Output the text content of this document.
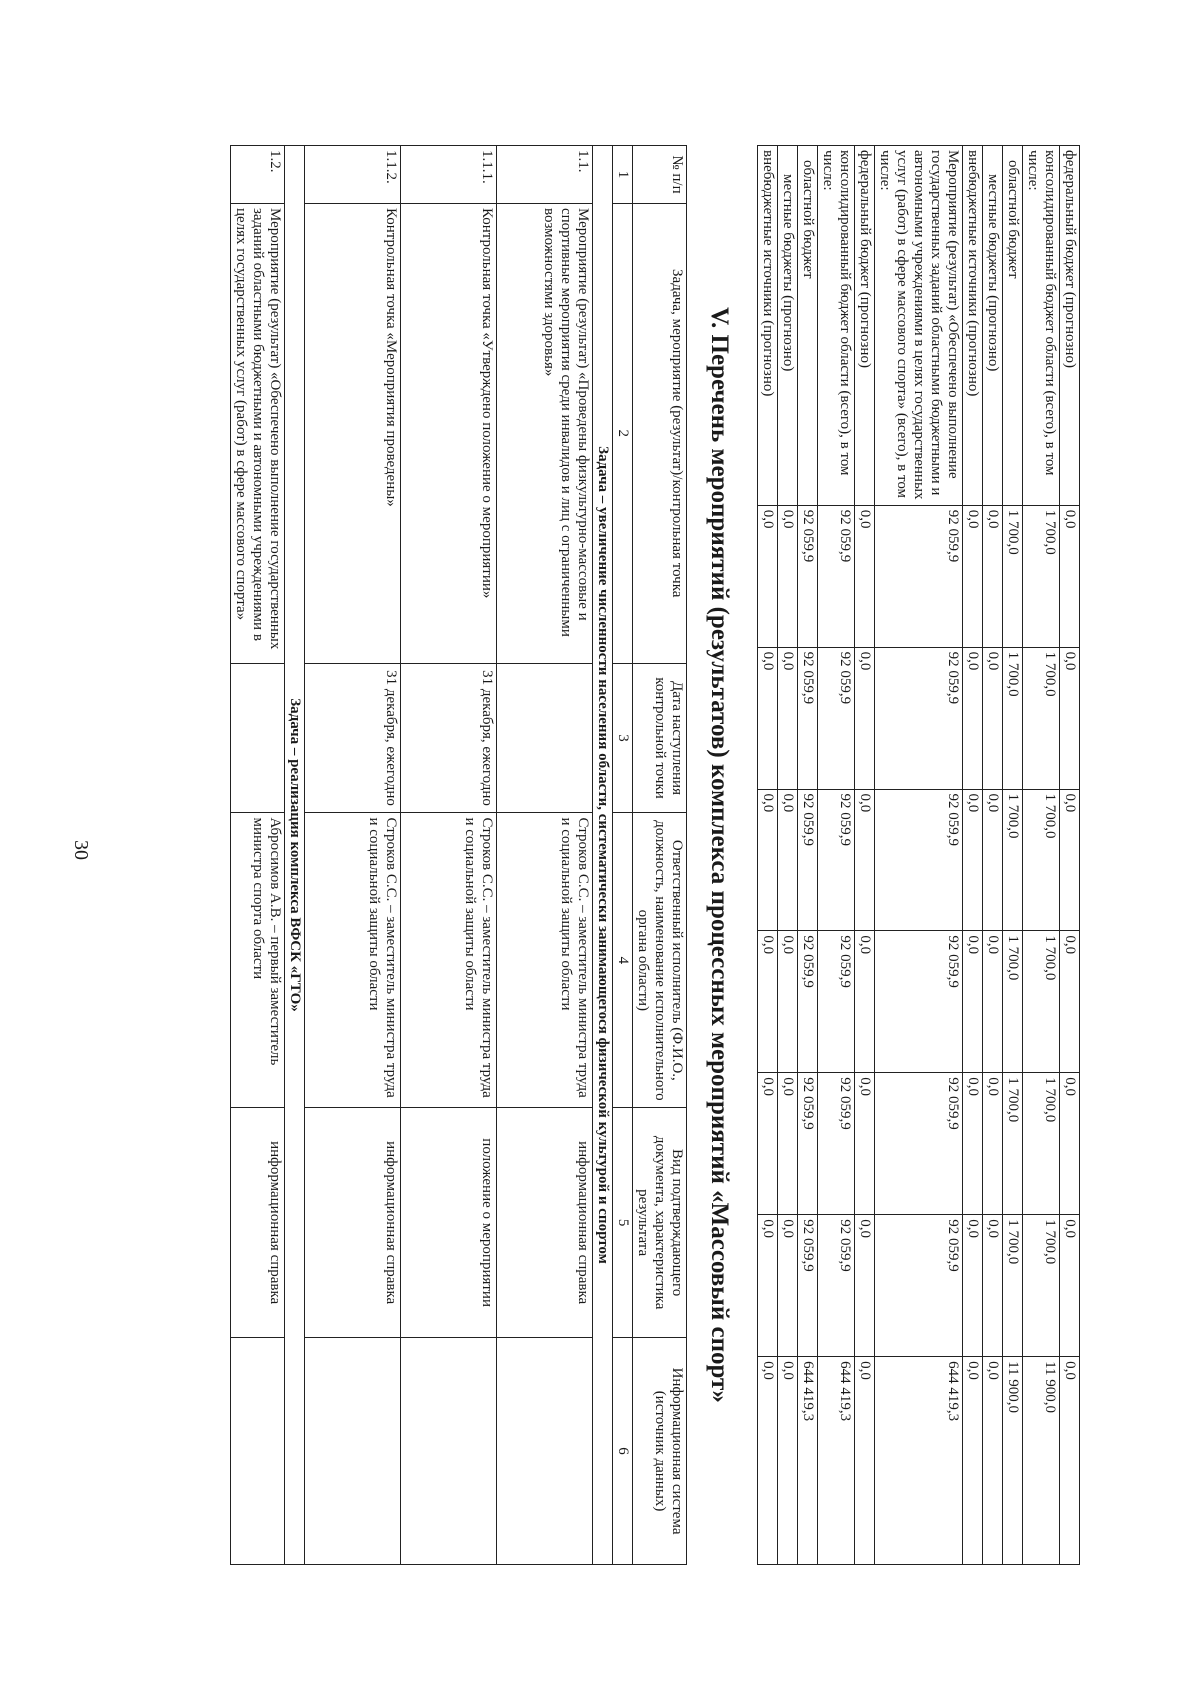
30
федеральный бюджет (прогнозно)	0,0	0,0	0,0	0,0	0,0	0,0	0,0
консолидированный бюджет области (всего), в том числе:	1 700,0	1 700,0	1 700,0	1 700,0	1 700,0	1 700,0	11 900,0
областной бюджет	1 700,0	1 700,0	1 700,0	1 700,0	1 700,0	1 700,0	11 900,0
местные бюджеты (прогнозно)	0,0	0,0	0,0	0,0	0,0	0,0	0,0
внебюджетные источники (прогнозно)	0,0	0,0	0,0	0,0	0,0	0,0	0,0
Мероприятие (результат) «Обеспечено выполнение государственных заданий областными бюджетными и автономными учреждениями в целях государственных услуг (работ) в сфере массового спорта» (всего), в том числе:	92 059,9	92 059,9	92 059,9	92 059,9	92 059,9	92 059,9	644 419,3
федеральный бюджет (прогнозно)	0,0	0,0	0,0	0,0	0,0	0,0	0,0
консолидированный бюджет области (всего), в том числе:	92 059,9	92 059,9	92 059,9	92 059,9	92 059,9	92 059,9	644 419,3
областной бюджет	92 059,9	92 059,9	92 059,9	92 059,9	92 059,9	92 059,9	644 419,3
местные бюджеты (прогнозно)	0,0	0,0	0,0	0,0	0,0	0,0	0,0
внебюджетные источники (прогнозно)	0,0	0,0	0,0	0,0	0,0	0,0	0,0
V. Перечень мероприятий (результатов) комплекса процессных мероприятий «Массовый спорт»
№ п/п	Задача, мероприятие (результат)/контрольная точка	Дата наступления контрольной точки	Ответственный исполнитель (Ф.И.О., должность, наименование исполнительного органа области)	Вид подтверждающего документа, характеристика результата	Информационная система (источник данных)
1	2	3	4	5	6
Задача – увеличение численности населения области, систематически занимающегося физической культурой и спортом					
1.1.	Мероприятие (результат) «Проведены физкультурно-массовые и спортивные мероприятия среди инвалидов и лиц с ограниченными возможностями здоровья»		Строков С.С. – заместитель министра труда и социальной защиты области	информационная справка	
1.1.1.	Контрольная точка «Утверждено положение о мероприятии»	31 декабря, ежегодно	Строков С.С. – заместитель министра труда и социальной защиты области	положение о мероприятии	
1.1.2.	Контрольная точка «Мероприятия проведены»	31 декабря, ежегодно	Строков С.С. – заместитель министра труда и социальной защиты области	информационная справка	
Задача – реализация комплекса ВФСК «ГТО»					
1.2.	Мероприятие (результат) «Обеспечено выполнение государственных заданий областными бюджетными и автономными учреждениями в целях государственных услуг (работ) в сфере массового спорта»		Абросимов А.В. – первый заместитель министра спорта области	информационная справка	
